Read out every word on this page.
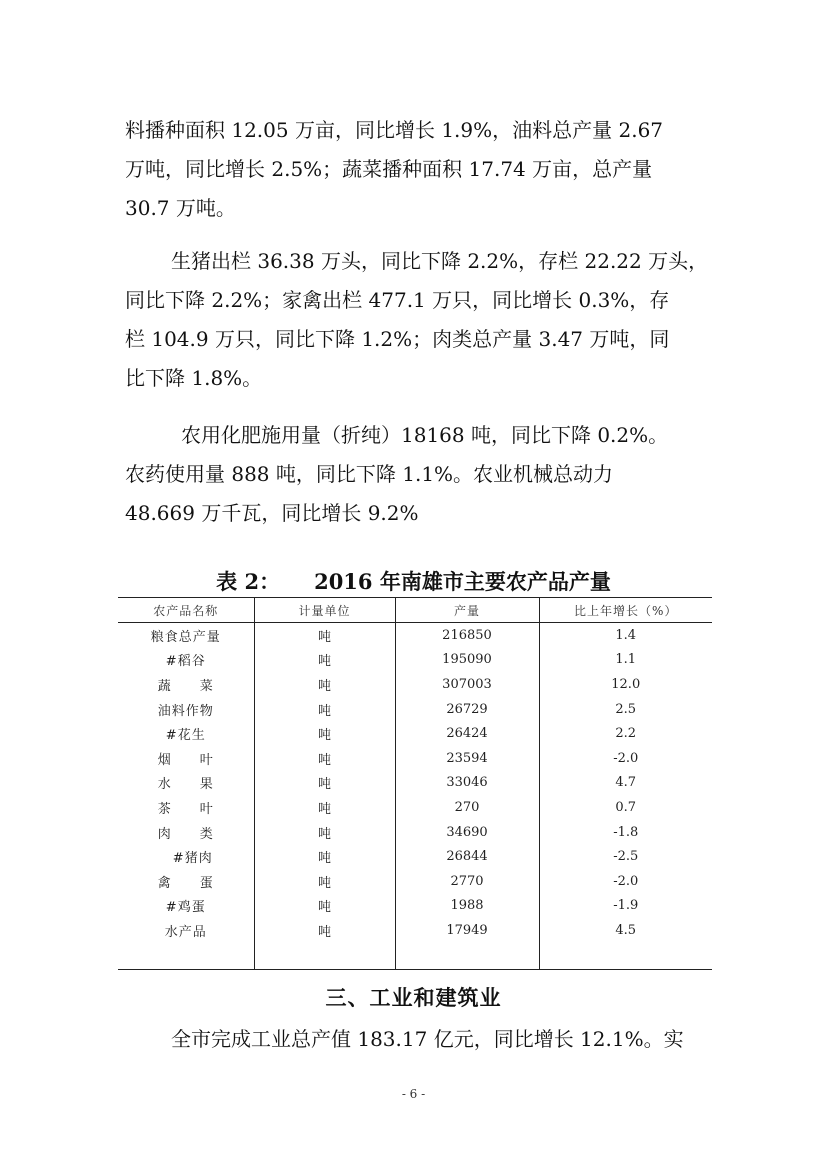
料播种面积 12.05 万亩，同比增长 1.9%，油料总产量 2.67
万吨，同比增长 2.5%；蔬菜播种面积 17.74 万亩，总产量
30.7 万吨。

生猪出栏 36.38 万头，同比下降 2.2%，存栏 22.22 万头，
同比下降 2.2%；家禽出栏 477.1 万只，同比增长 0.3%，存
栏 104.9 万只，同比下降 1.2%；肉类总产量 3.47 万吨，同
比下降 1.8%。

农用化肥施用量（折纯）18168 吨，同比下降 0.2%。
农药使用量 888 吨，同比下降 1.1%。农业机械总动力
48.669 万千瓦，同比增长 9.2%

表 2： 2016 年南雄市主要农产品产量
农产品名称	计量单位	产量	比上年增长（%）
粮食总产量	吨	216850	1.4
#稻谷	吨	195090	1.1
蔬　　菜	吨	307003	12.0
油料作物	吨	26729	2.5
#花生	吨	26424	2.2
烟　　叶	吨	23594	-2.0
水　　果	吨	33046	4.7
茶　　叶	吨	270	0.7
肉　　类	吨	34690	-1.8
　#猪肉	吨	26844	-2.5
禽　　蛋	吨	2770	-2.0
#鸡蛋	吨	1988	-1.9
水产品	吨	17949	4.5

三、工业和建筑业

全市完成工业总产值 183.17 亿元，同比增长 12.1%。实

- 6 -
